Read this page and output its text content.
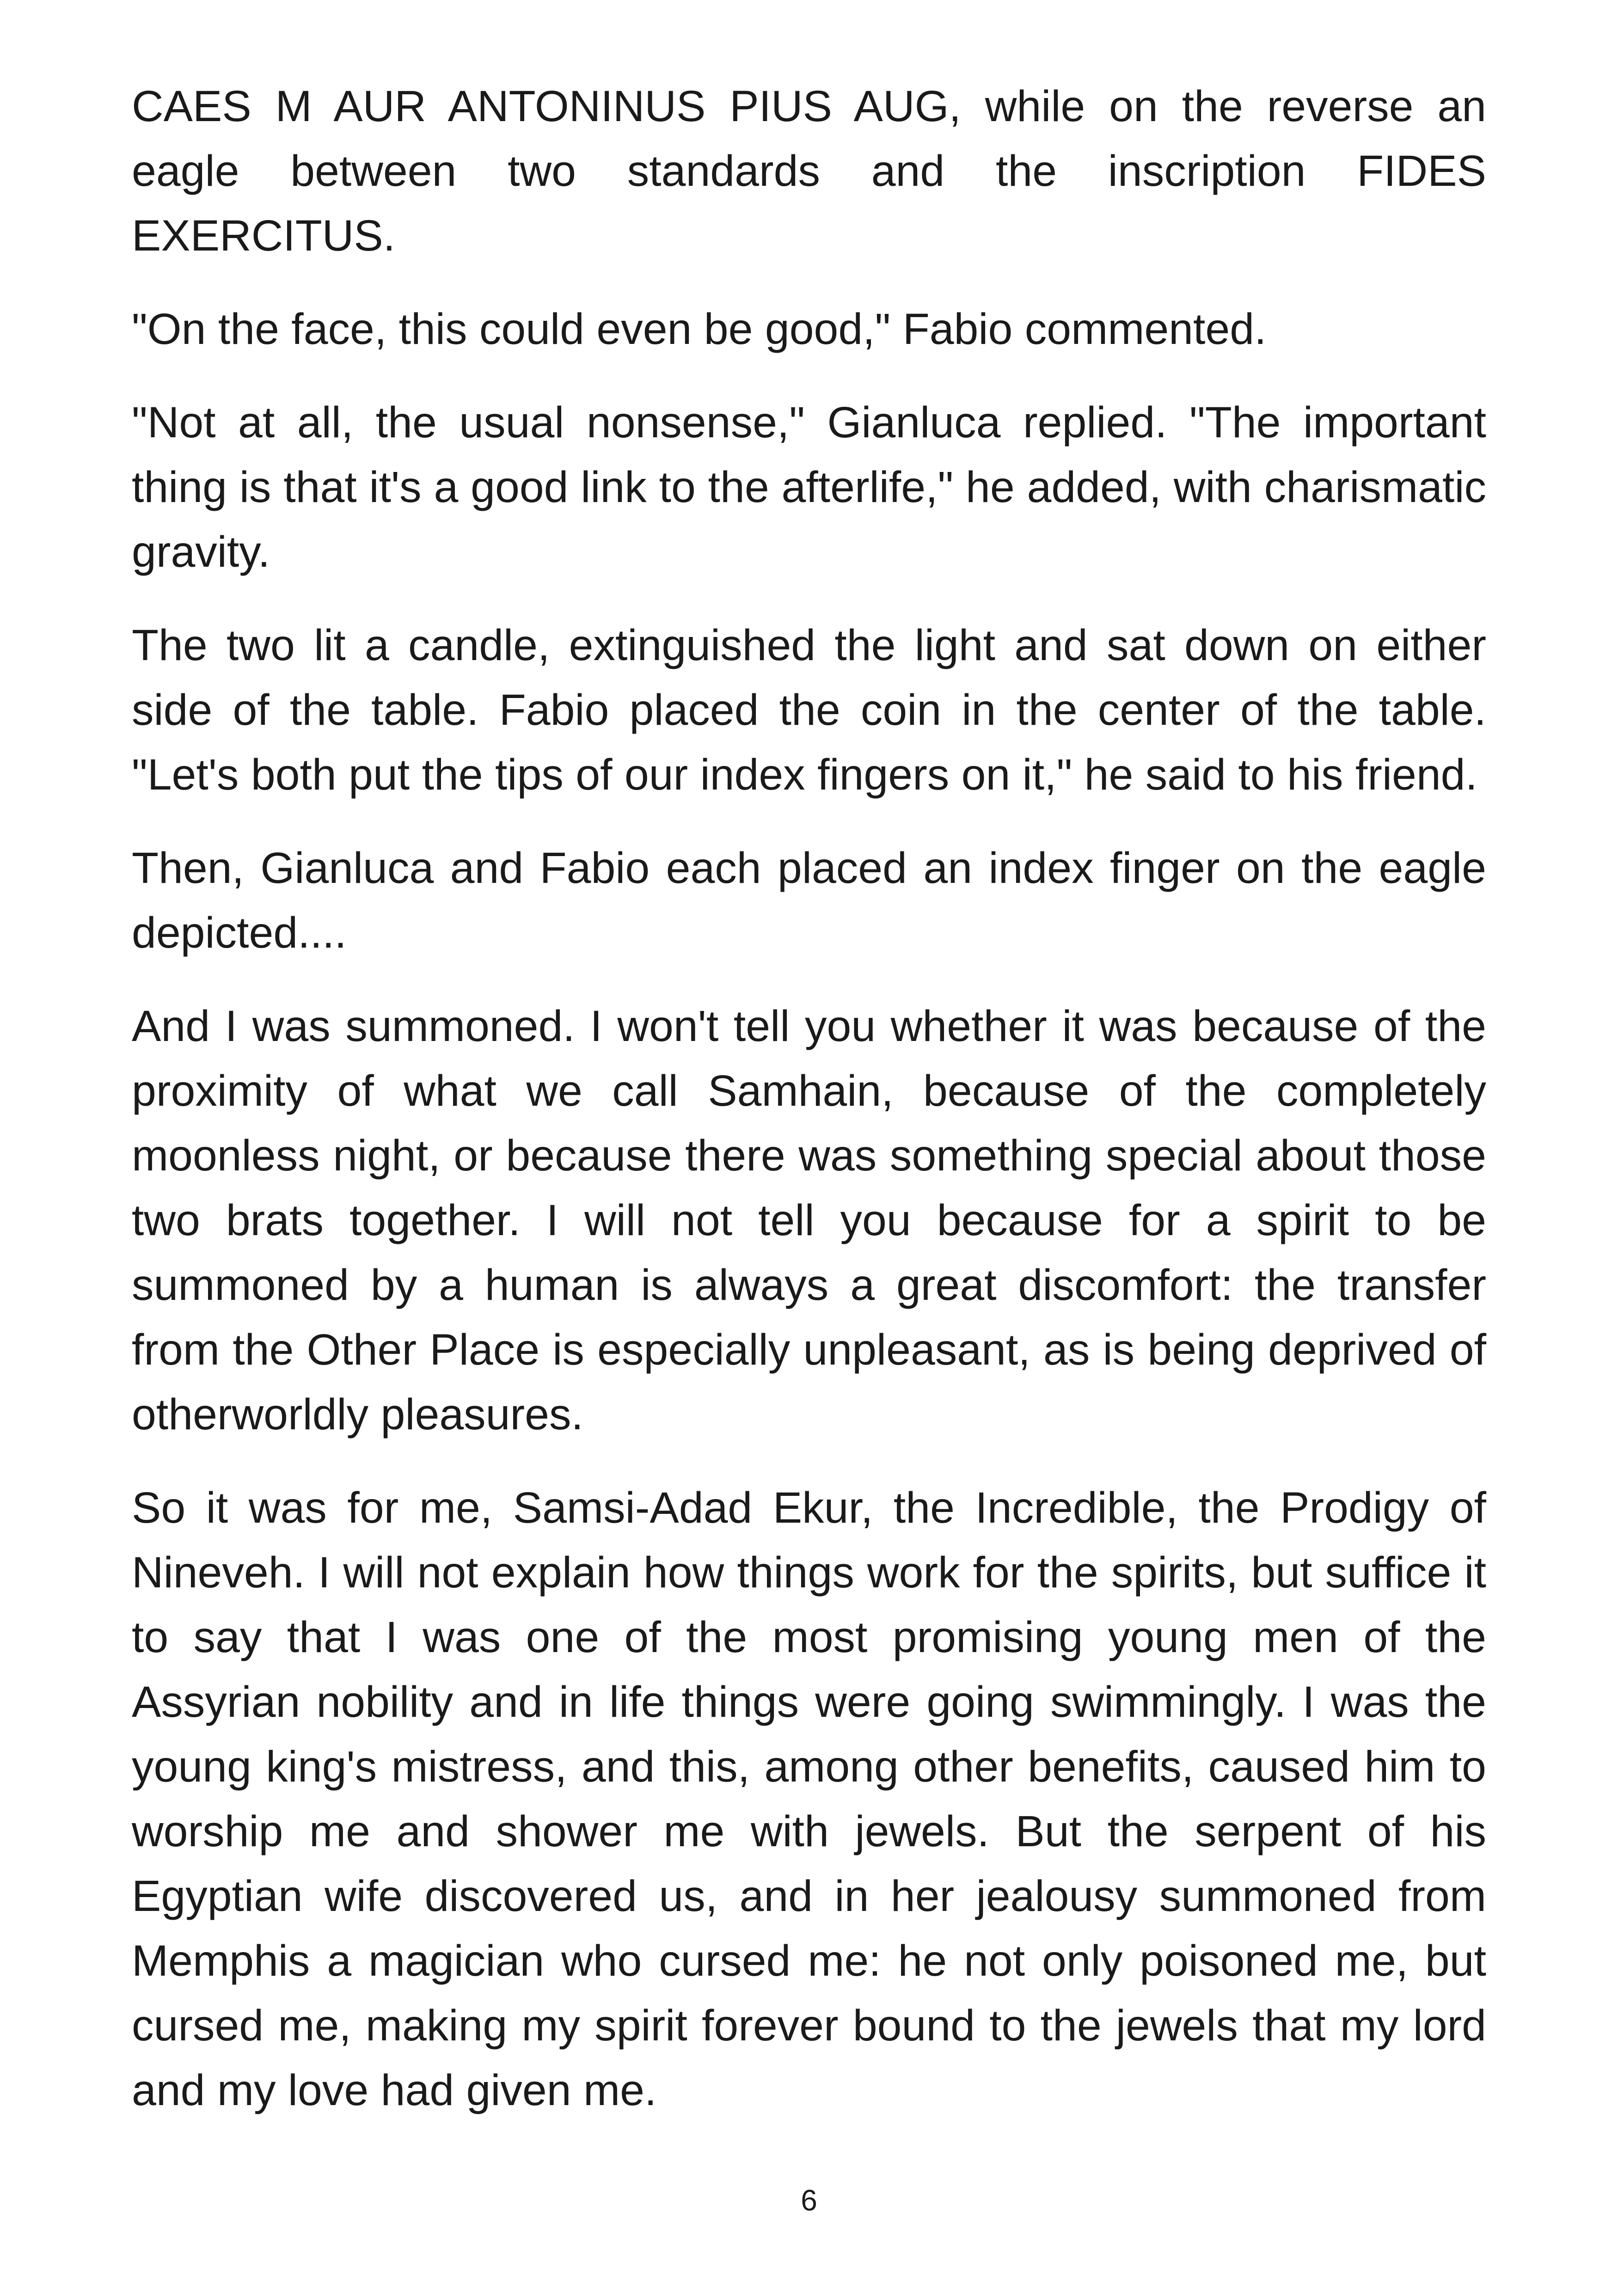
CAES M AUR ANTONINUS PIUS AUG, while on the reverse an eagle between two standards and the inscription FIDES EXERCITUS.

"On the face, this could even be good," Fabio commented.

"Not at all, the usual nonsense," Gianluca replied. "The important thing is that it's a good link to the afterlife," he added, with charismatic gravity.

The two lit a candle, extinguished the light and sat down on either side of the table. Fabio placed the coin in the center of the table. "Let's both put the tips of our index fingers on it," he said to his friend.

Then, Gianluca and Fabio each placed an index finger on the eagle depicted....

And I was summoned. I won't tell you whether it was because of the proximity of what we call Samhain, because of the completely moonless night, or because there was something special about those two brats together. I will not tell you because for a spirit to be summoned by a human is always a great discomfort: the transfer from the Other Place is especially unpleasant, as is being deprived of otherworldly pleasures.

So it was for me, Samsi-Adad Ekur, the Incredible, the Prodigy of Nineveh. I will not explain how things work for the spirits, but suffice it to say that I was one of the most promising young men of the Assyrian nobility and in life things were going swimmingly. I was the young king's mistress, and this, among other benefits, caused him to worship me and shower me with jewels. But the serpent of his Egyptian wife discovered us, and in her jealousy summoned from Memphis a magician who cursed me: he not only poisoned me, but cursed me, making my spirit forever bound to the jewels that my lord and my love had given me.

6
